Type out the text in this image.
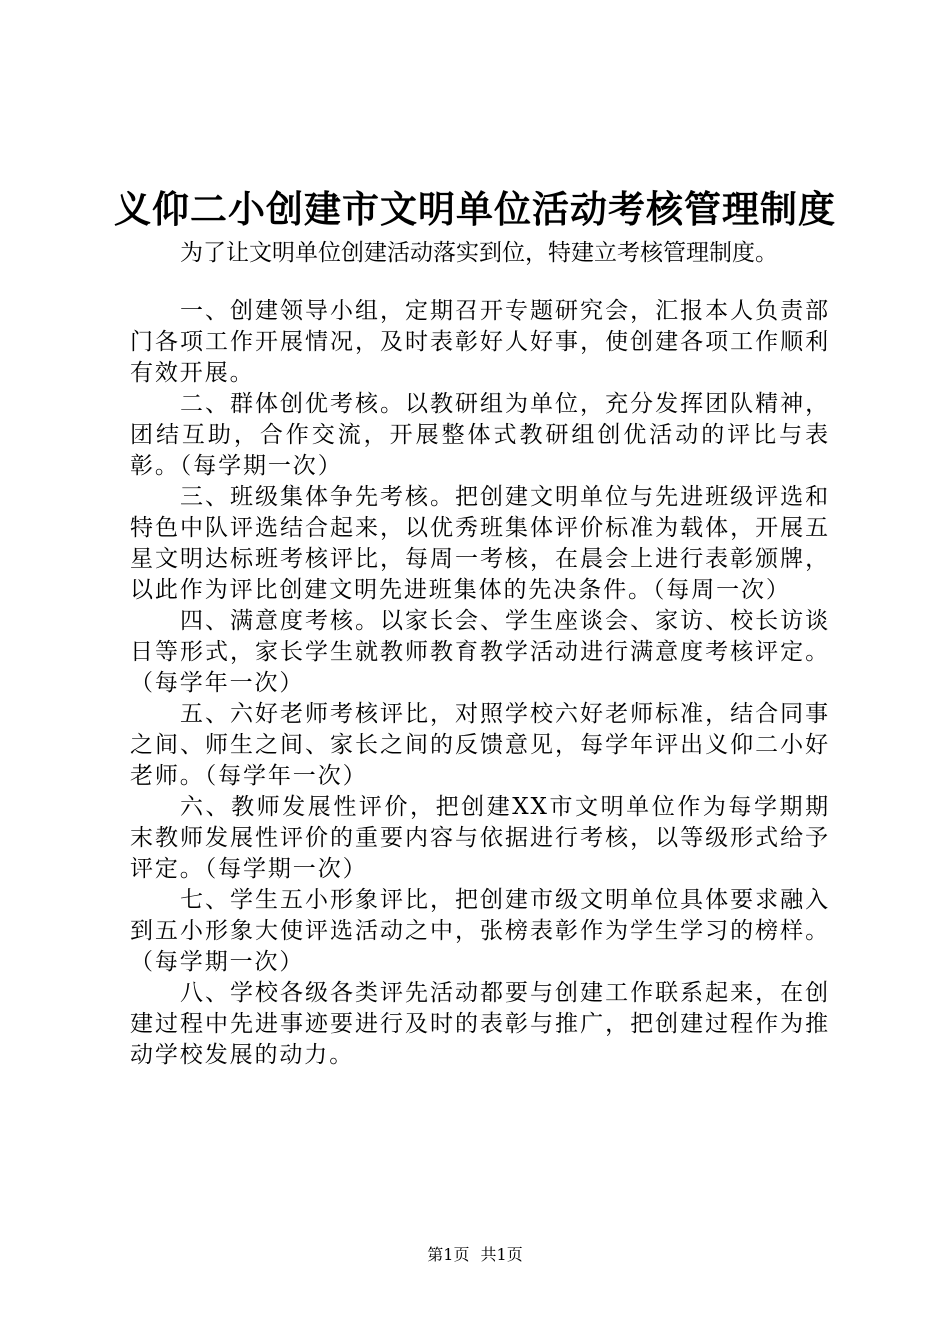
义仰二小创建市文明单位活动考核管理制度

为了让文明单位创建活动落实到位，特建立考核管理制度。

一、创建领导小组，定期召开专题研究会，汇报本人负责部门各项工作开展情况，及时表彰好人好事，使创建各项工作顺利有效开展。

二、群体创优考核。以教研组为单位，充分发挥团队精神，团结互助，合作交流，开展整体式教研组创优活动的评比与表彰。（每学期一次）

三、班级集体争先考核。把创建文明单位与先进班级评选和特色中队评选结合起来，以优秀班集体评价标准为载体，开展五星文明达标班考核评比，每周一考核，在晨会上进行表彰颁牌，以此作为评比创建文明先进班集体的先决条件。（每周一次）

四、满意度考核。以家长会、学生座谈会、家访、校长访谈日等形式，家长学生就教师教育教学活动进行满意度考核评定。（每学年一次）

五、六好老师考核评比，对照学校六好老师标准，结合同事之间、师生之间、家长之间的反馈意见，每学年评出义仰二小好老师。（每学年一次）

六、教师发展性评价，把创建XX市文明单位作为每学期期末教师发展性评价的重要内容与依据进行考核，以等级形式给予评定。（每学期一次）

七、学生五小形象评比，把创建市级文明单位具体要求融入到五小形象大使评选活动之中，张榜表彰作为学生学习的榜样。（每学期一次）

八、学校各级各类评先活动都要与创建工作联系起来，在创建过程中先进事迹要进行及时的表彰与推广，把创建过程作为推动学校发展的动力。

第1页 共1页
